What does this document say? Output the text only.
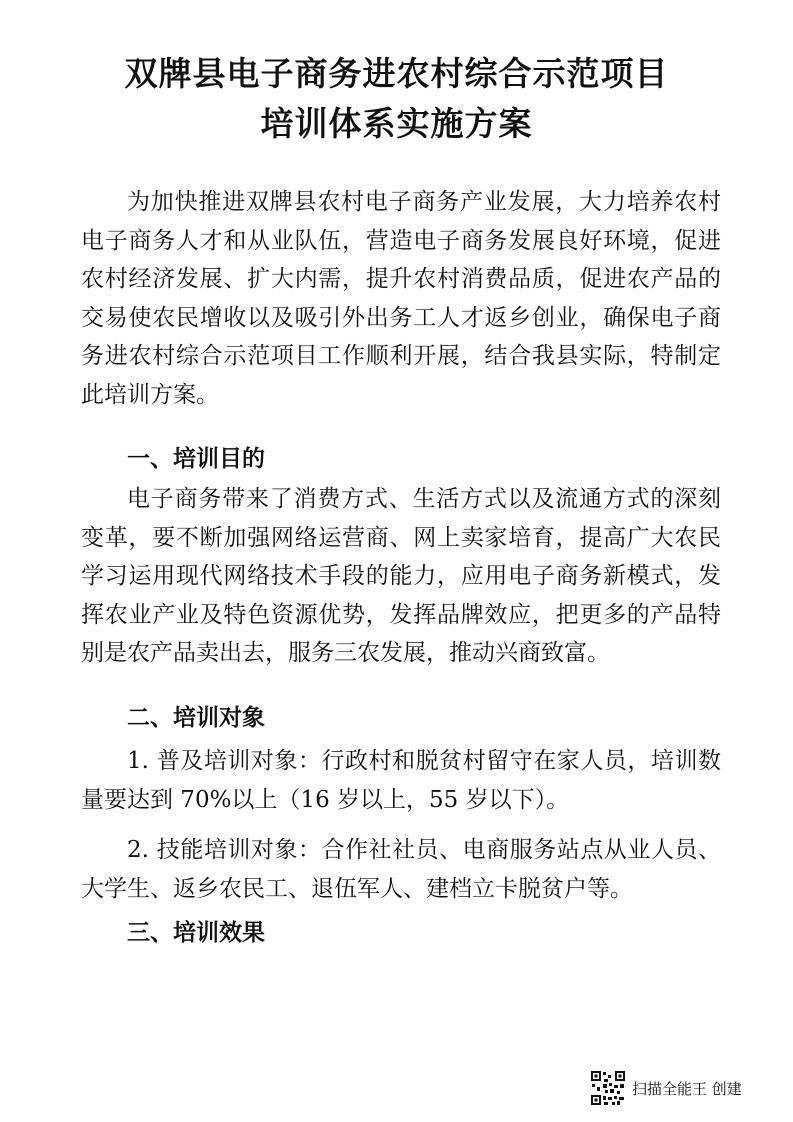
双牌县电子商务进农村综合示范项目
培训体系实施方案

为加快推进双牌县农村电子商务产业发展，大力培养农村电子商务人才和从业队伍，营造电子商务发展良好环境，促进农村经济发展、扩大内需，提升农村消费品质，促进农产品的交易使农民增收以及吸引外出务工人才返乡创业，确保电子商务进农村综合示范项目工作顺利开展，结合我县实际，特制定此培训方案。

一、培训目的

电子商务带来了消费方式、生活方式以及流通方式的深刻变革，要不断加强网络运营商、网上卖家培育，提高广大农民学习运用现代网络技术手段的能力，应用电子商务新模式，发挥农业产业及特色资源优势，发挥品牌效应，把更多的产品特别是农产品卖出去，服务三农发展，推动兴商致富。

二、培训对象

1. 普及培训对象：行政村和脱贫村留守在家人员，培训数量要达到 70%以上（16 岁以上，55 岁以下）。

2. 技能培训对象：合作社社员、电商服务站点从业人员、大学生、返乡农民工、退伍军人、建档立卡脱贫户等。

三、培训效果
扫描全能王 创建
